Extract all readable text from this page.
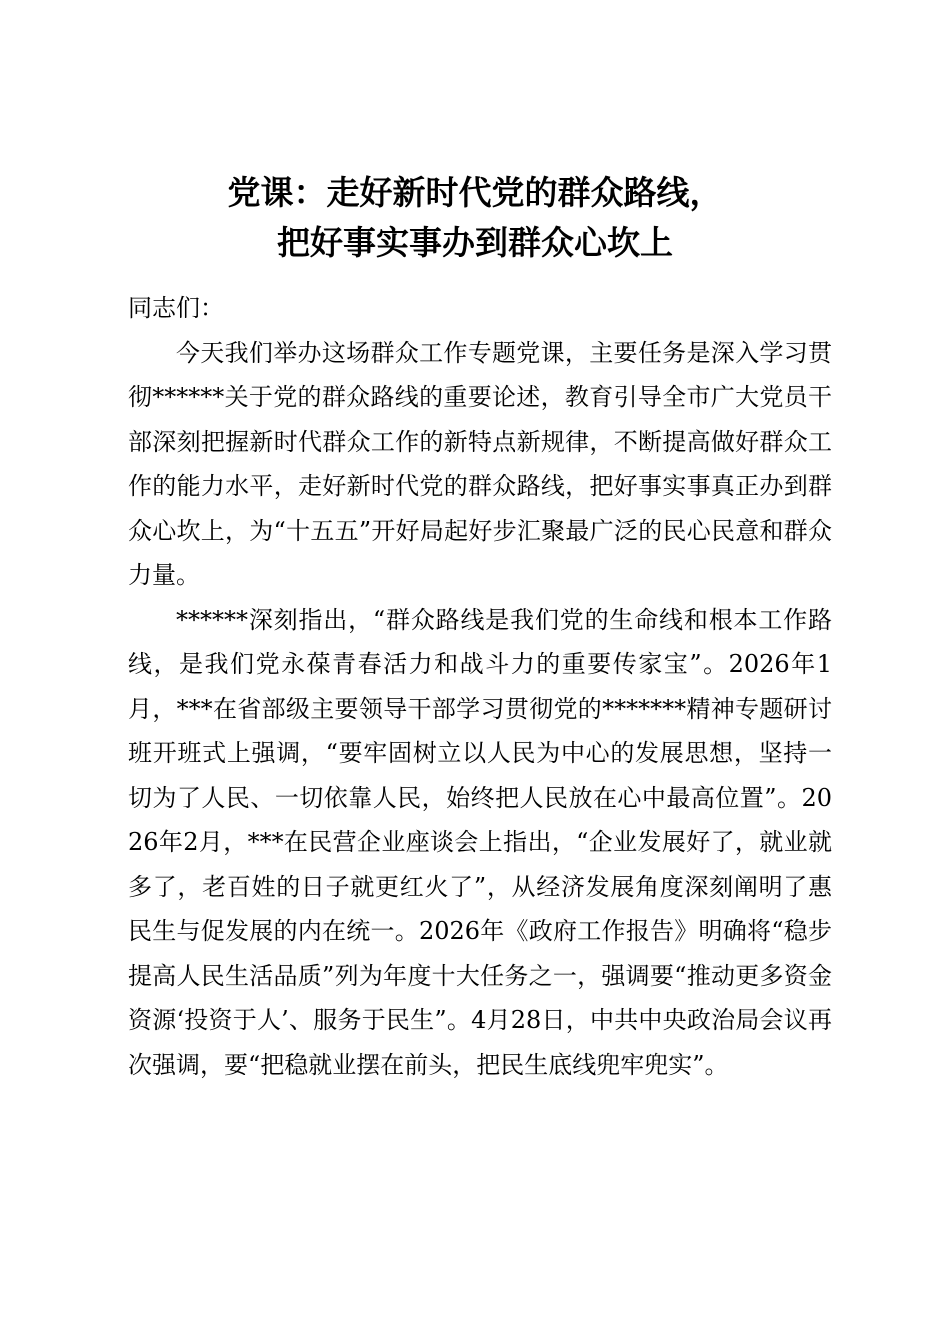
党课：走好新时代党的群众路线，
把好事实事办到群众心坎上

同志们：

今天我们举办这场群众工作专题党课，主要任务是深入学习贯彻******关于党的群众路线的重要论述，教育引导全市广大党员干部深刻把握新时代群众工作的新特点新规律，不断提高做好群众工作的能力水平，走好新时代党的群众路线，把好事实事真正办到群众心坎上，为“十五五”开好局起好步汇聚最广泛的民心民意和群众力量。

******深刻指出，“群众路线是我们党的生命线和根本工作路线，是我们党永葆青春活力和战斗力的重要传家宝”。2026年1月，***在省部级主要领导干部学习贯彻党的*******精神专题研讨班开班式上强调，“要牢固树立以人民为中心的发展思想，坚持一切为了人民、一切依靠人民，始终把人民放在心中最高位置”。2026年2月，***在民营企业座谈会上指出，“企业发展好了，就业就多了，老百姓的日子就更红火了”，从经济发展角度深刻阐明了惠民生与促发展的内在统一。2026年《政府工作报告》明确将“稳步提高人民生活品质”列为年度十大任务之一，强调要“推动更多资金资源‘投资于人’、服务于民生”。4月28日，中共中央政治局会议再次强调，要“把稳就业摆在前头，把民生底线兜牢兜实”。
